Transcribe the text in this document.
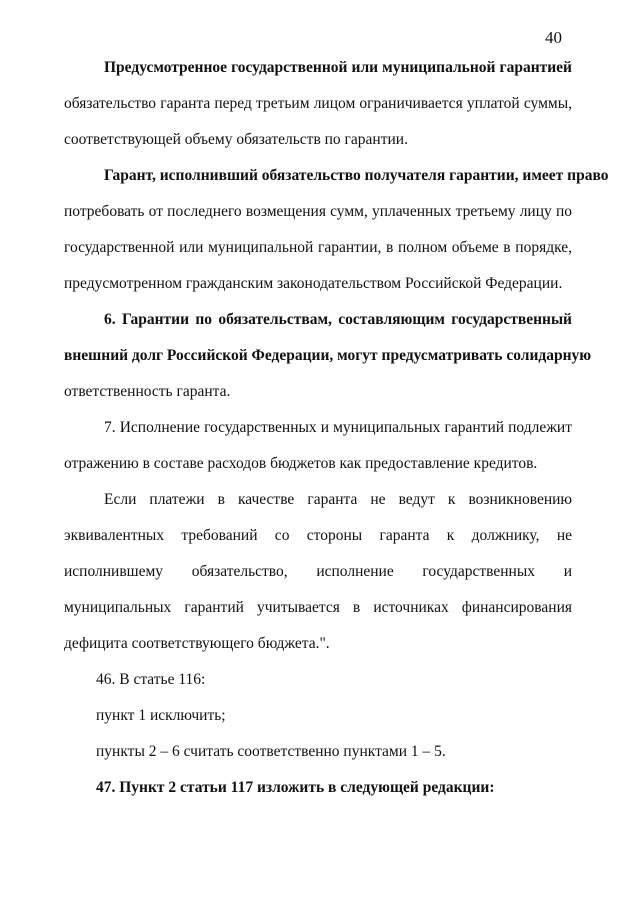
40
Предусмотренное государственной или муниципальной гарантией
обязательство гаранта перед третьим лицом ограничивается уплатой суммы,
соответствующей объему обязательств по гарантии.
Гарант, исполнивший обязательство получателя гарантии, имеет право
потребовать от последнего возмещения сумм, уплаченных третьему лицу по
государственной или муниципальной гарантии, в полном объеме в порядке,
предусмотренном гражданским законодательством Российской Федерации.
6. Гарантии по обязательствам, составляющим государственный
внешний долг Российской Федерации, могут предусматривать солидарную
ответственность гаранта.
7. Исполнение государственных и муниципальных гарантий подлежит
отражению в составе расходов бюджетов как предоставление кредитов.
Если платежи в качестве гаранта не ведут к возникновению
эквивалентных требований со стороны гаранта к должнику, не
исполнившему обязательство, исполнение государственных и
муниципальных гарантий учитывается в источниках финансирования
дефицита соответствующего бюджета.".
46. В статье 116:
пункт 1 исключить;
пункты 2 – 6 считать соответственно пунктами 1 – 5.
47. Пункт 2 статьи 117 изложить в следующей редакции:
